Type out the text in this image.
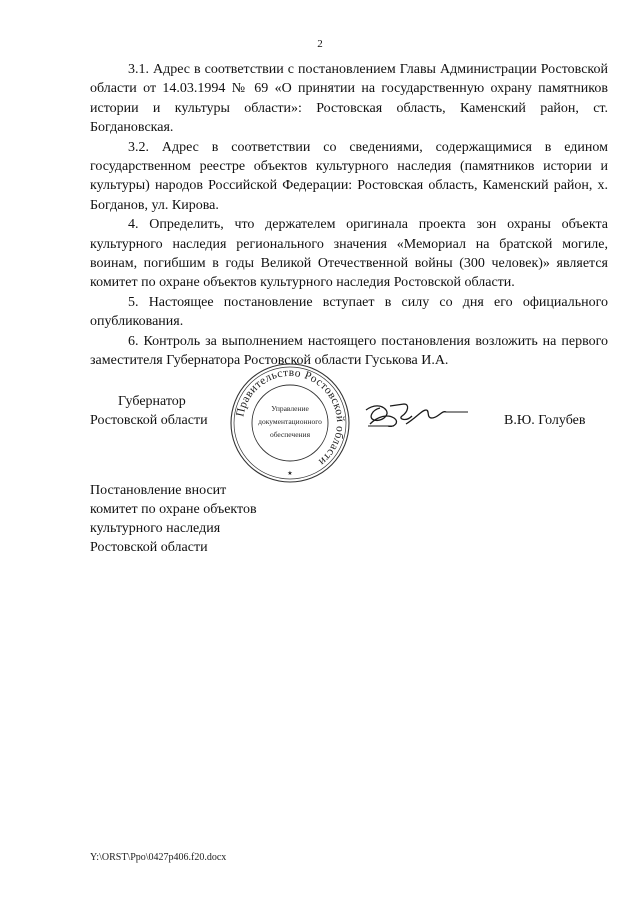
2

3.1. Адрес в соответствии с постановлением Главы Администрации Ростовской области от 14.03.1994 № 69 «О принятии на государственную охрану памятников истории и культуры области»: Ростовская область, Каменский район, ст. Богдановская.

3.2. Адрес в соответствии со сведениями, содержащимися в едином государственном реестре объектов культурного наследия (памятников истории и культуры) народов Российской Федерации: Ростовская область, Каменский район, х. Богданов, ул. Кирова.

4. Определить, что держателем оригинала проекта зон охраны объекта культурного наследия регионального значения «Мемориал на братской могиле, воинам, погибшим в годы Великой Отечественной войны (300 человек)» является комитет по охране объектов культурного наследия Ростовской области.

5. Настоящее постановление вступает в силу со дня его официального опубликования.

6. Контроль за выполнением настоящего постановления возложить на первого заместителя Губернатора Ростовской области Гуськова И.А.

Губернатор
Ростовской области
Правительство Ростовской области
Управление
документационного
обеспечения
★
В.Ю. Голубев
Постановление вносит
комитет по охране объектов
культурного наследия
Ростовской области
Y:\ORST\Ppo\0427p406.f20.docx
